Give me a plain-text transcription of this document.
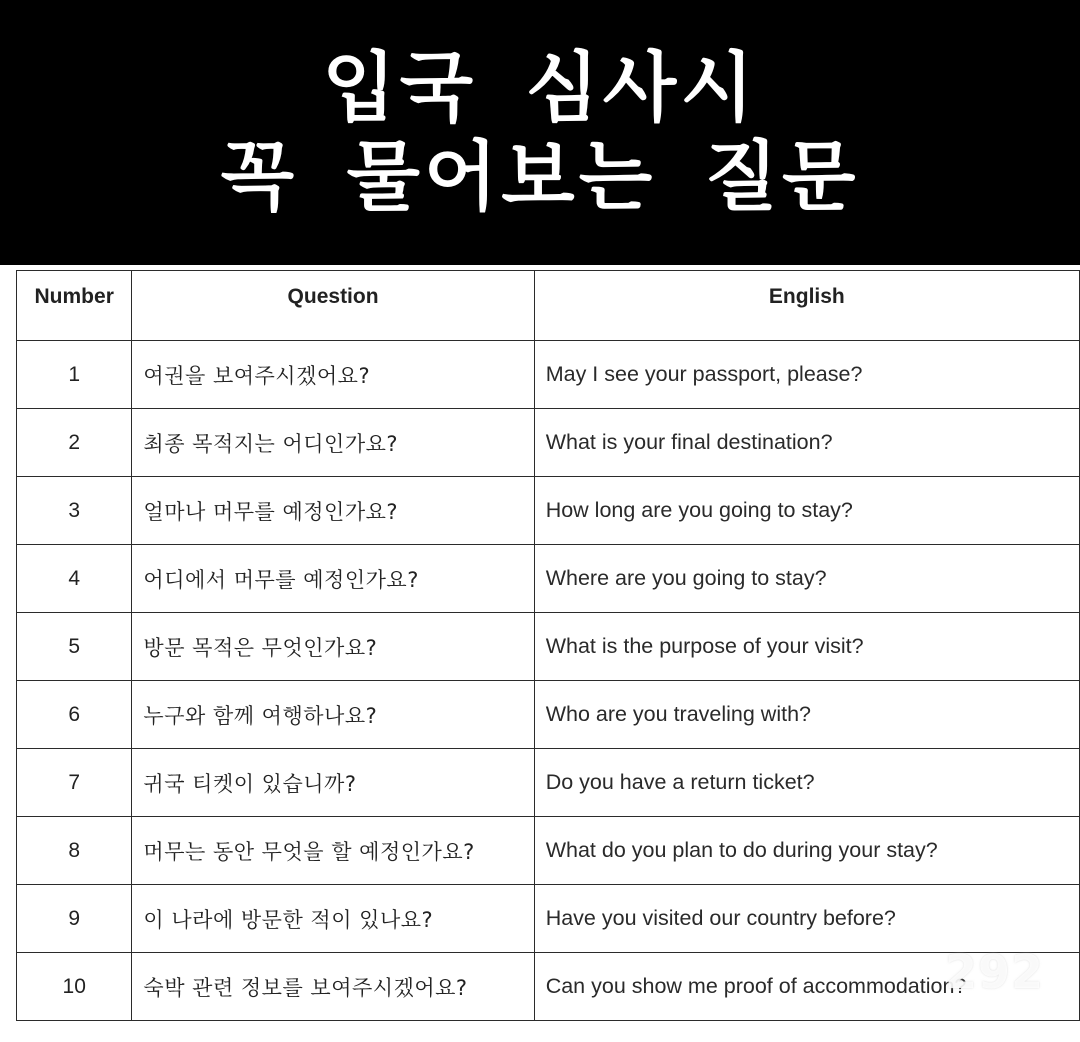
입국 심사시
꼭 물어보는 질문
Number	Question	English
1	여권을 보여주시겠어요?	May I see your passport, please?
2	최종 목적지는 어디인가요?	What is your final destination?
3	얼마나 머무를 예정인가요?	How long are you going to stay?
4	어디에서 머무를 예정인가요?	Where are you going to stay?
5	방문 목적은 무엇인가요?	What is the purpose of your visit?
6	누구와 함께 여행하나요?	Who are you traveling with?
7	귀국 티켓이 있습니까?	Do you have a return ticket?
8	머무는 동안 무엇을 할 예정인가요?	What do you plan to do during your stay?
9	이 나라에 방문한 적이 있나요?	Have you visited our country before?
10	숙박 관련 정보를 보여주시겠어요?	Can you show me proof of accommodation?
292
